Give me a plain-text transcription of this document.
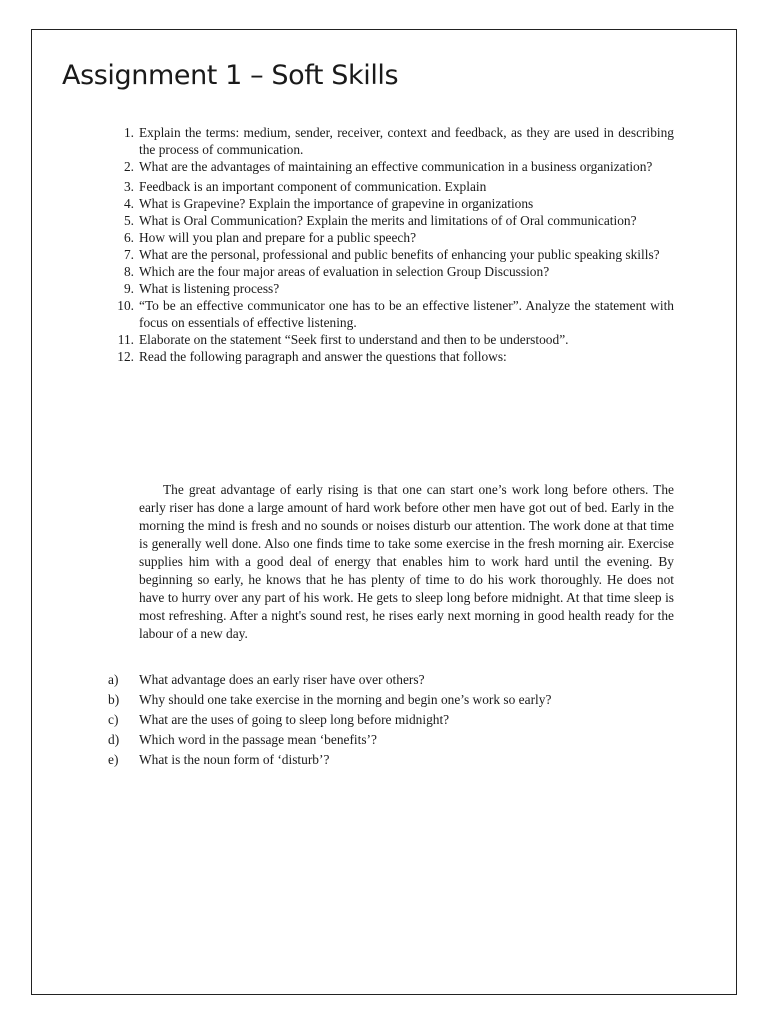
Assignment 1 – Soft Skills
1. Explain the terms: medium, sender, receiver, context and feedback, as they are used in describing the process of communication.
2. What are the advantages of maintaining an effective communication in a business organization?
3. Feedback is an important component of communication. Explain
4. What is Grapevine? Explain the importance of grapevine in organizations
5. What is Oral Communication? Explain the merits and limitations of of Oral communication?
6. How will you plan and prepare for a public speech?
7. What are the personal, professional and public benefits of enhancing your public speaking skills?
8. Which are the four major areas of evaluation in selection Group Discussion?
9. What is listening process?
10. “To be an effective communicator one has to be an effective listener”. Analyze the statement with focus on essentials of effective listening.
11. Elaborate on the statement “Seek first to understand and then to be understood”.
12. Read the following paragraph and answer the questions that follows:

The great advantage of early rising is that one can start one’s work long before others. The early riser has done a large amount of hard work before other men have got out of bed. Early in the morning the mind is fresh and no sounds or noises disturb our attention. The work done at that time is generally well done. Also one finds time to take some exercise in the fresh morning air. Exercise supplies him with a good deal of energy that enables him to work hard until the evening. By beginning so early, he knows that he has plenty of time to do his work thoroughly. He does not have to hurry over any part of his work. He gets to sleep long before midnight. At that time sleep is most refreshing. After a night's sound rest, he rises early next morning in good health ready for the labour of a new day.

a)	What advantage does an early riser have over others?
b)	Why should one take exercise in the morning and begin one’s work so early?
c)	What are the uses of going to sleep long before midnight?
d)	Which word in the passage mean ‘benefits’?
e)	What is the noun form of ‘disturb’?
